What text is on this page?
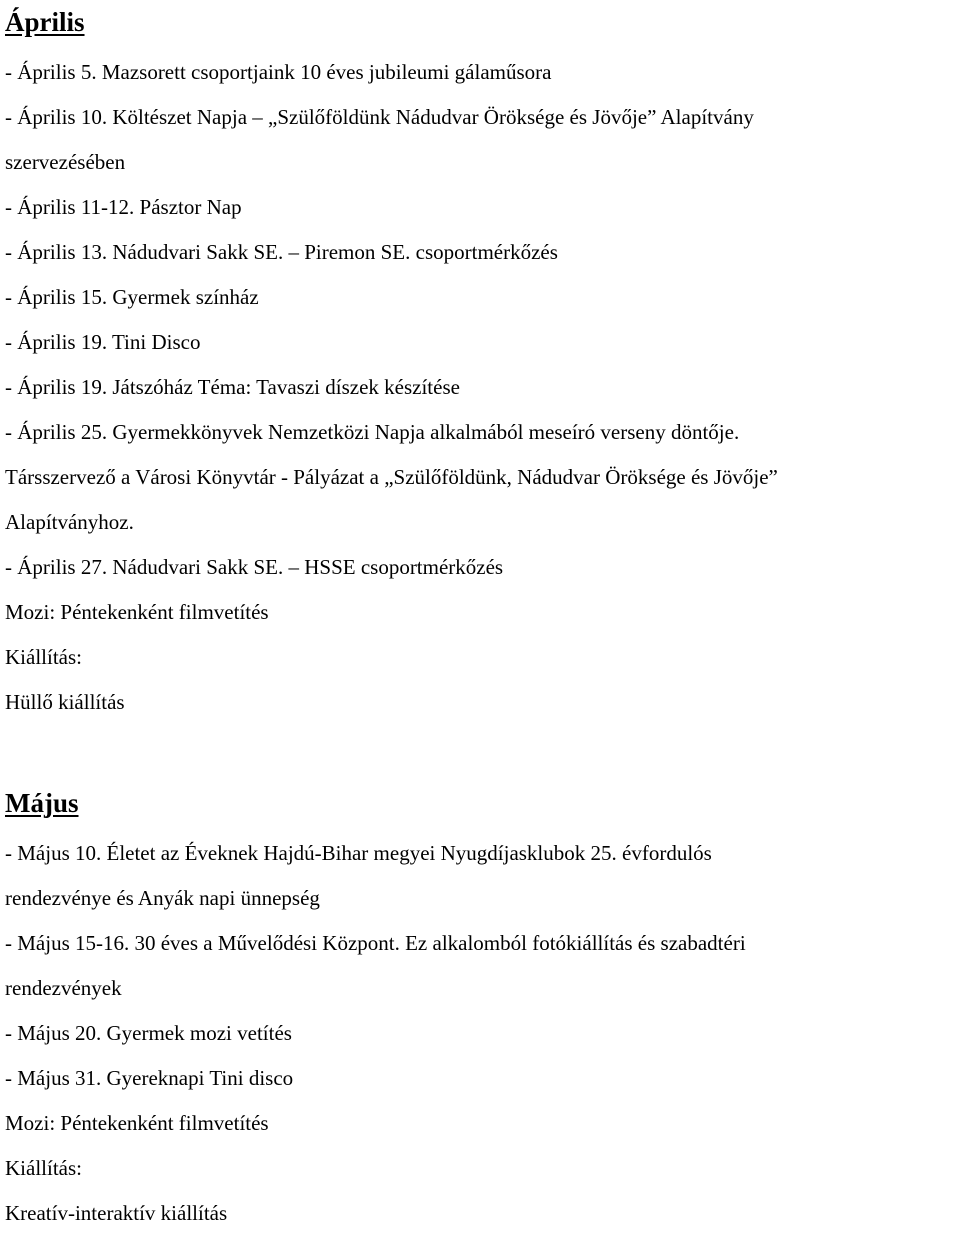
Április

- Április 5. Mazsorett csoportjaink 10 éves jubileumi gálaműsora

- Április 10. Költészet Napja – „Szülőföldünk Nádudvar Öröksége és Jövője” Alapítvány

szervezésében

- Április 11-12. Pásztor Nap

- Április 13. Nádudvari Sakk SE. – Piremon SE. csoportmérkőzés

- Április 15. Gyermek színház

- Április 19. Tini Disco

- Április 19. Játszóház Téma: Tavaszi díszek készítése

- Április 25. Gyermekkönyvek Nemzetközi Napja alkalmából meseíró verseny döntője.

Társszervező a Városi Könyvtár - Pályázat a „Szülőföldünk, Nádudvar Öröksége és Jövője”

Alapítványhoz.

- Április 27. Nádudvari Sakk SE. – HSSE csoportmérkőzés

Mozi: Péntekenként filmvetítés

Kiállítás:

Hüllő kiállítás

Május

- Május 10. Életet az Éveknek Hajdú-Bihar megyei Nyugdíjasklubok 25. évfordulós

rendezvénye és Anyák napi ünnepség

- Május 15-16. 30 éves a Művelődési Központ. Ez alkalomból fotókiállítás és szabadtéri

rendezvények

- Május 20. Gyermek mozi vetítés

- Május 31. Gyereknapi Tini disco

Mozi: Péntekenként filmvetítés

Kiállítás:

Kreatív-interaktív kiállítás
